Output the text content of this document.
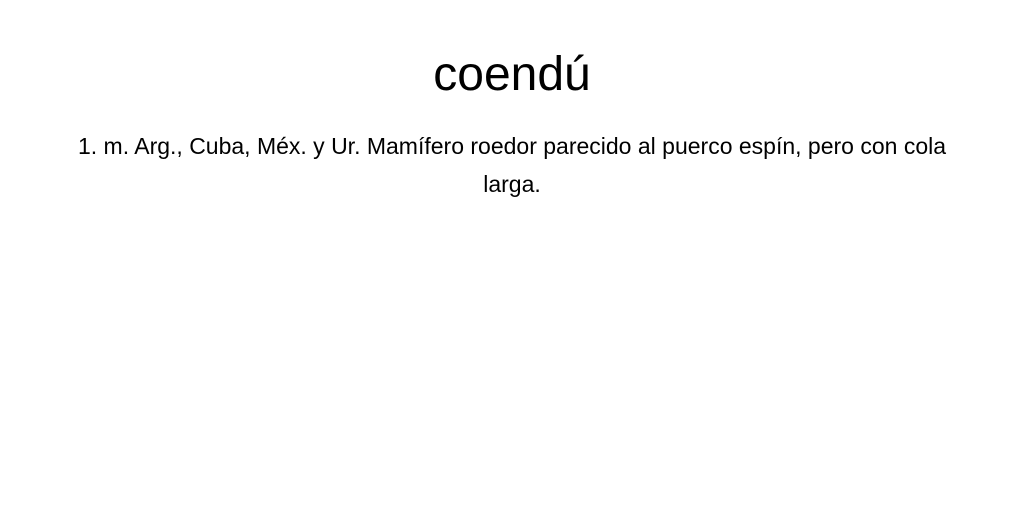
coendú

1. m. Arg., Cuba, Méx. y Ur. Mamífero roedor parecido al puerco espín, pero con cola larga.
